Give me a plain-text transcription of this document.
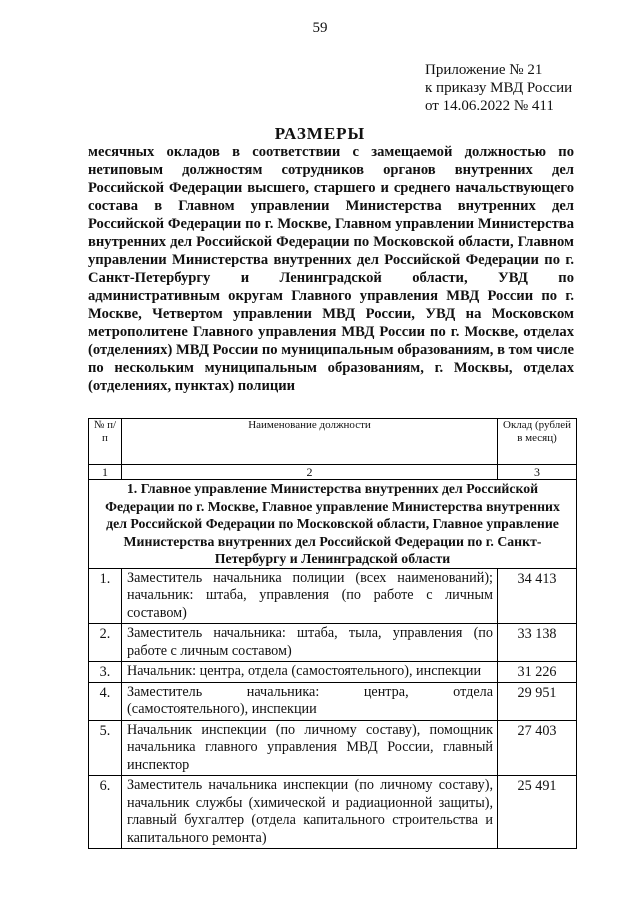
59
Приложение № 21
к приказу МВД России
от 14.06.2022 № 411
РАЗМЕРЫ
месячных окладов в соответствии с замещаемой должностью по нетиповым должностям сотрудников органов внутренних дел Российской Федерации высшего, старшего и среднего начальствующего состава в Главном управлении Министерства внутренних дел Российской Федерации по г. Москве, Главном управлении Министерства внутренних дел Российской Федерации по Московской области, Главном управлении Министерства внутренних дел Российской Федерации по г. Санкт-Петербургу и Ленинградской области, УВД по административным округам Главного управления МВД России по г. Москве, Четвертом управлении МВД России, УВД на Московском метрополитене Главного управления МВД России по г. Москве, отделах (отделениях) МВД России по муниципальным образованиям, в том числе по нескольким муниципальным образованиям, г. Москвы, отделах (отделениях, пунктах) полиции
№ п/п	Наименование должности	Оклад (рублей в месяц)
1	2	3
1. Главное управление Министерства внутренних дел Российской Федерации по г. Москве, Главное управление Министерства внутренних дел Российской Федерации по Московской области, Главное управление Министерства внутренних дел Российской Федерации по г. Санкт-Петербургу и Ленинградской области		
1.	Заместитель начальника полиции (всех наименований); начальник: штаба, управления (по работе с личным составом)	34 413
2.	Заместитель начальника: штаба, тыла, управления (по работе с личным составом)	33 138
3.	Начальник: центра, отдела (самостоятельного), инспекции	31 226
4.	Заместитель начальника: центра, отдела (самостоятельного), инспекции	29 951
5.	Начальник инспекции (по личному составу), помощник начальника главного управления МВД России, главный инспектор	27 403
6.	Заместитель начальника инспекции (по личному составу), начальник службы (химической и радиационной защиты), главный бухгалтер (отдела капитального строительства и капитального ремонта)	25 491
